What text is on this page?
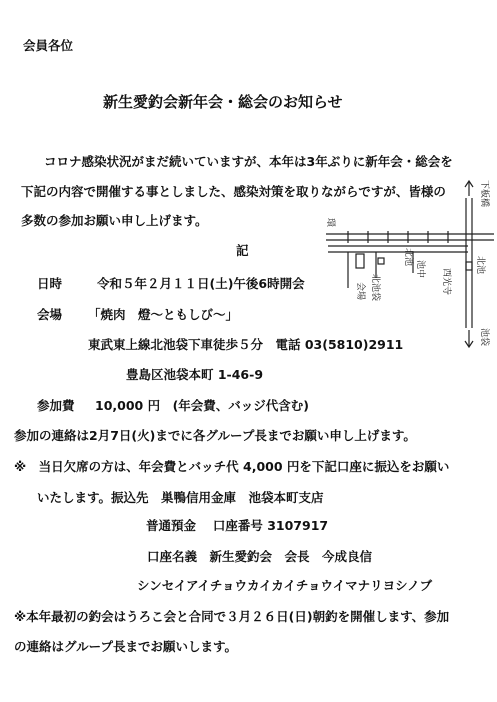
会員各位
新生愛釣会新年会・総会のお知らせ
コロナ感染状況がまだ続いていますが、本年は3年ぶりに新年会・総会を
下記の内容で開催する事としました、感染対策を取りながらですが、皆様の
多数の参加お願い申し上げます。
記
日時	令和５年２月１１日(土)午後6時開会
会場 「焼肉　燈～ともしび～」
東武東上線北池袋下車徒歩５分　電話 03(5810)2911
豊島区池袋本町 1-46-9
参加費 10,000 円　(年会費、バッジ代含む)
参加の連絡は2月7日(火)までに各グループ長までお願い申し上げます。
※　当日欠席の方は、年会費とバッチ代 4,000 円を下記口座に振込をお願い
いたします。振込先　巣鴨信用金庫　池袋本町支店
普通預金　 口座番号 3107917
口座名義　新生愛釣会　会長　今成良信
シンセイアイチョウカイカイチョウイマナリヨシノブ
※本年最初の釣会はうろこ会と合同で３月２６日(日)朝釣を開催します、参加
の連絡はグループ長までお願いします。
北池袋
会場
池中
北池
下板橋
池袋
西光寺
環
北池
